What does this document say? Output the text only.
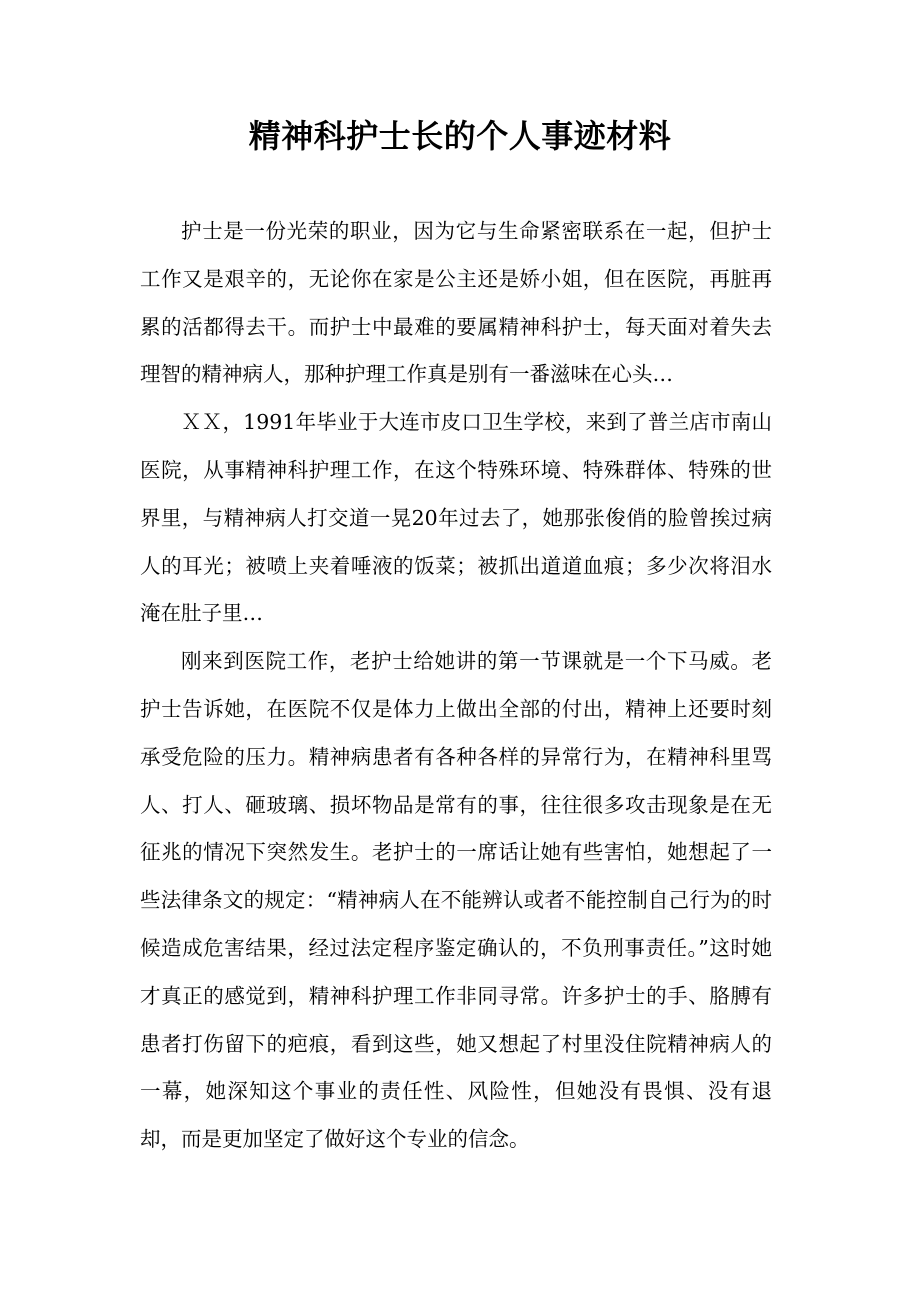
精神科护士长的个人事迹材料

护士是一份光荣的职业，因为它与生命紧密联系在一起，但护士工作又是艰辛的，无论你在家是公主还是娇小姐，但在医院，再脏再累的活都得去干。而护士中最难的要属精神科护士，每天面对着失去理智的精神病人，那种护理工作真是别有一番滋味在心头…

ＸＸ，1991年毕业于大连市皮口卫生学校，来到了普兰店市南山医院，从事精神科护理工作，在这个特殊环境、特殊群体、特殊的世界里，与精神病人打交道一晃20年过去了，她那张俊俏的脸曾挨过病人的耳光；被喷上夹着唾液的饭菜；被抓出道道血痕；多少次将泪水淹在肚子里…

刚来到医院工作，老护士给她讲的第一节课就是一个下马威。老护士告诉她，在医院不仅是体力上做出全部的付出，精神上还要时刻承受危险的压力。精神病患者有各种各样的异常行为，在精神科里骂人、打人、砸玻璃、损坏物品是常有的事，往往很多攻击现象是在无征兆的情况下突然发生。老护士的一席话让她有些害怕，她想起了一些法律条文的规定：“精神病人在不能辨认或者不能控制自己行为的时候造成危害结果，经过法定程序鉴定确认的，不负刑事责任。”这时她才真正的感觉到，精神科护理工作非同寻常。许多护士的手、胳膊有患者打伤留下的疤痕，看到这些，她又想起了村里没住院精神病人的一幕，她深知这个事业的责任性、风险性，但她没有畏惧、没有退却，而是更加坚定了做好这个专业的信念。
